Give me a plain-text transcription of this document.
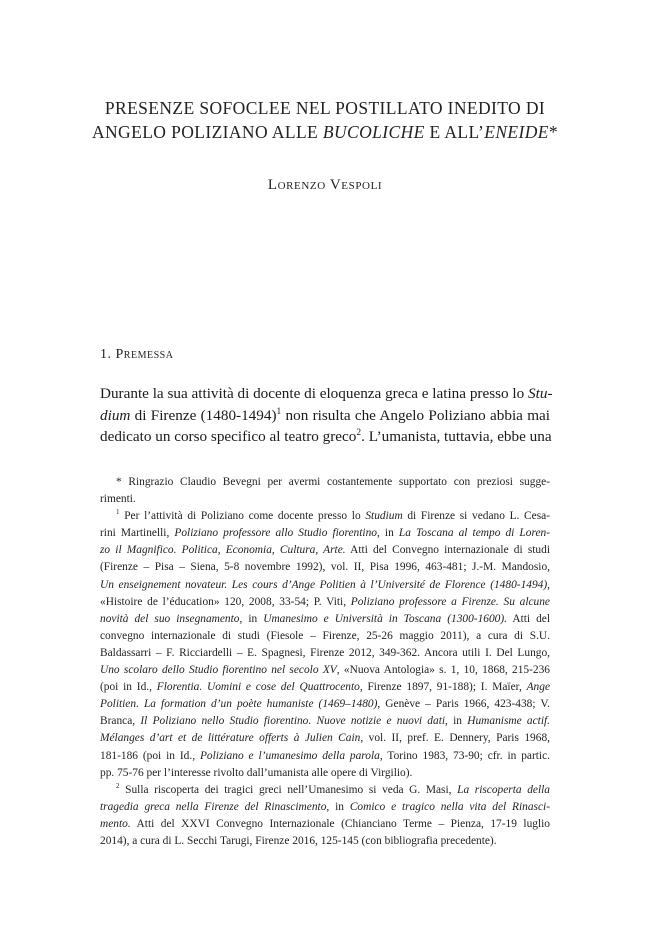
PRESENZE SOFOCLEE NEL POSTILLATO INEDITO DI
ANGELO POLIZIANO ALLE BUCOLICHE E ALL’ENEIDE*
Lorenzo Vespoli
1. Premessa
Durante la sua attività di docente di eloquenza greca e latina presso lo Stu-
dium di Firenze (1480-1494)$^1$ non risulta che Angelo Poliziano abbia mai
dedicato un corso specifico al teatro greco$^2$. L’umanista, tuttavia, ebbe una
* Ringrazio Claudio Bevegni per avermi costantemente supportato con preziosi sugge-
rimenti.
$^1$ Per l’attività di Poliziano come docente presso lo Studium di Firenze si vedano L. Cesa-
rini Martinelli, Poliziano professore allo Studio fiorentino, in La Toscana al tempo di Loren-
zo il Magnifico. Politica, Economia, Cultura, Arte. Atti del Convegno internazionale di studi
(Firenze – Pisa – Siena, 5-8 novembre 1992), vol. II, Pisa 1996, 463-481; J.-M. Mandosio,
Un enseignement novateur. Les cours d’Ange Politien à l’Université de Florence (1480-1494),
«Histoire de l’éducation» 120, 2008, 33-54; P. Viti, Poliziano professore a Firenze. Su alcune
novità del suo insegnamento, in Umanesimo e Università in Toscana (1300-1600). Atti del
convegno internazionale di studi (Fiesole – Firenze, 25-26 maggio 2011), a cura di S.U.
Baldassarri – F. Ricciardelli – E. Spagnesi, Firenze 2012, 349-362. Ancora utili I. Del Lungo,
Uno scolaro dello Studio fiorentino nel secolo XV, «Nuova Antologia» s. 1, 10, 1868, 215-236
(poi in Id., Florentia. Uomini e cose del Quattrocento, Firenze 1897, 91-188); I. Maïer, Ange
Politien. La formation d’un poète humaniste (1469–1480), Genève – Paris 1966, 423-438; V.
Branca, Il Poliziano nello Studio fiorentino. Nuove notizie e nuovi dati, in Humanisme actif.
Mélanges d’art et de littérature offerts à Julien Cain, vol. II, pref. E. Dennery, Paris 1968,
181-186 (poi in Id., Poliziano e l’umanesimo della parola, Torino 1983, 73-90; cfr. in partic.
pp. 75-76 per l’interesse rivolto dall’umanista alle opere di Virgilio).
$^2$ Sulla riscoperta dei tragici greci nell’Umanesimo si veda G. Masi, La riscoperta della
tragedia greca nella Firenze del Rinascimento, in Comico e tragico nella vita del Rinasci-
mento. Atti del XXVI Convegno Internazionale (Chianciano Terme – Pienza, 17-19 luglio
2014), a cura di L. Secchi Tarugi, Firenze 2016, 125-145 (con bibliografia precedente).
